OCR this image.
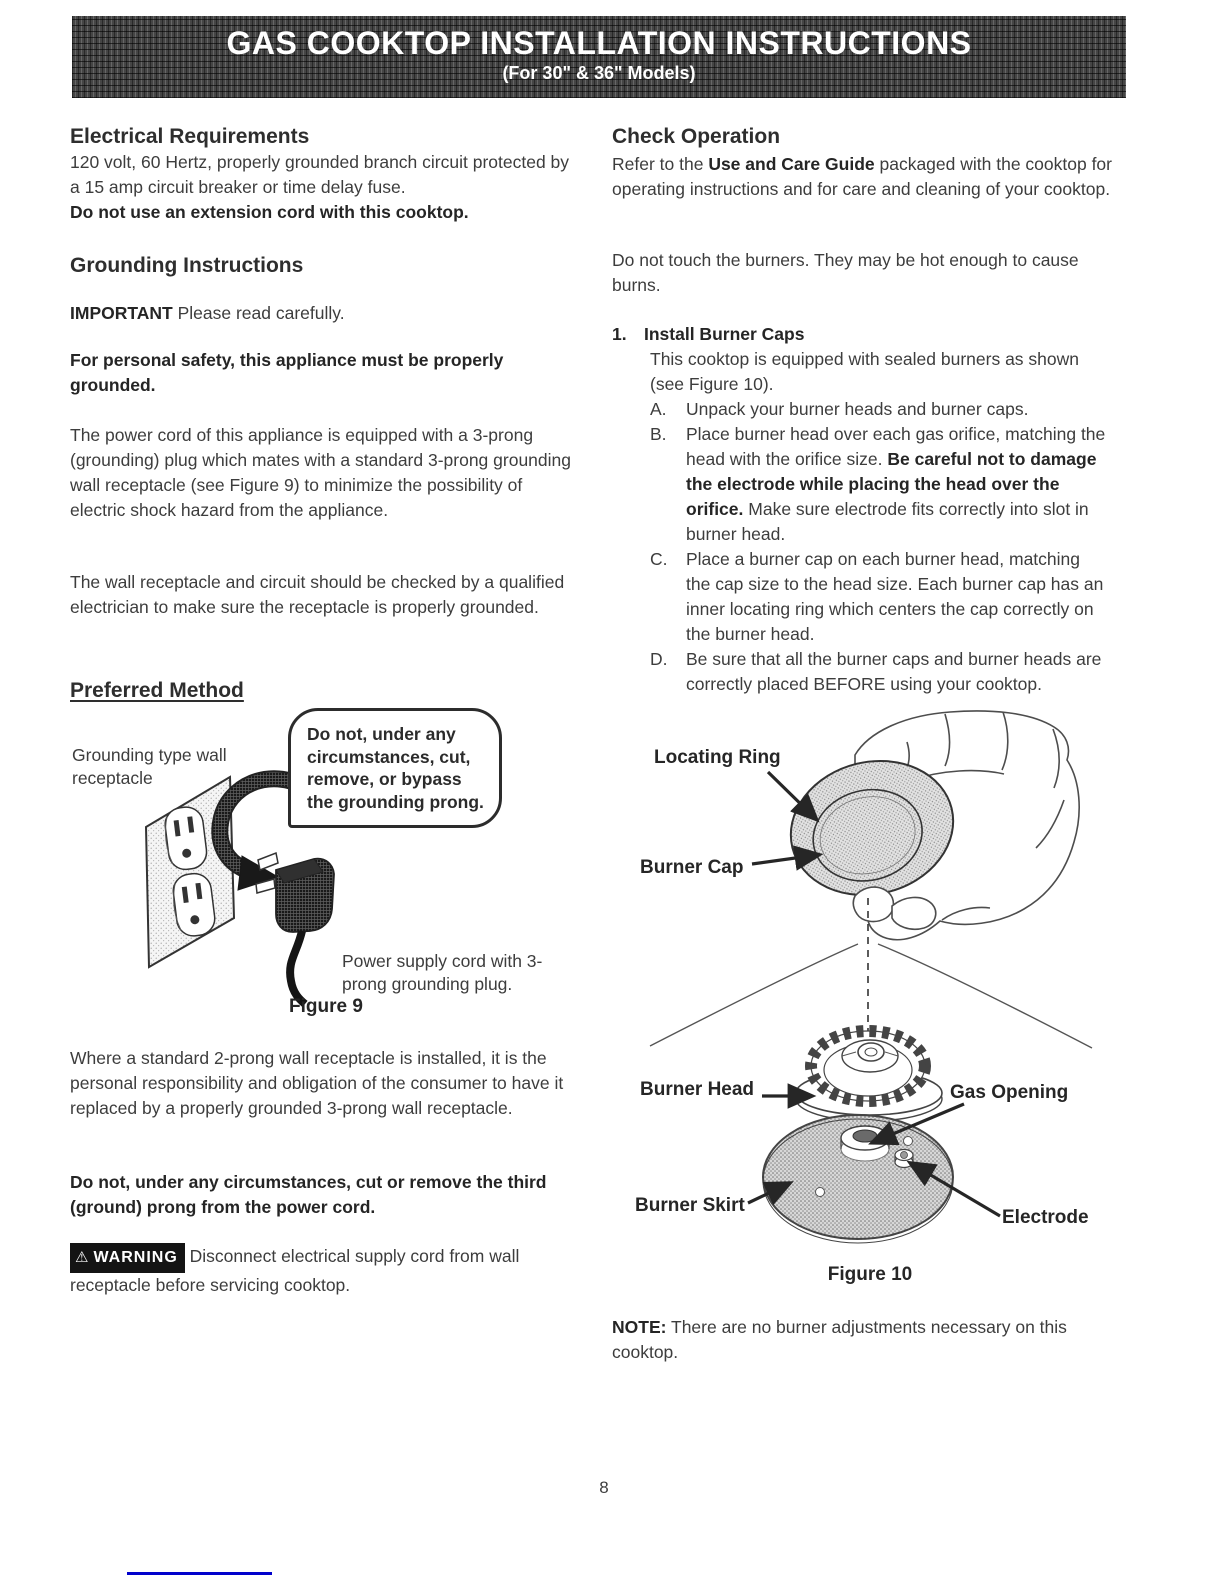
GAS COOKTOP INSTALLATION INSTRUCTIONS
(For 30" & 36" Models)
Electrical Requirements

120 volt, 60 Hertz, properly grounded branch circuit protected by a 15 amp circuit breaker or time delay fuse.
Do not use an extension cord with this cooktop.

Grounding Instructions

IMPORTANT Please read carefully.

For personal safety, this appliance must be properly grounded.

The power cord of this appliance is equipped with a 3-prong (grounding) plug which mates with a standard 3-prong grounding wall receptacle (see Figure 9) to minimize the possibility of electric shock hazard from the appliance.

The wall receptacle and circuit should be checked by a qualified electrician to make sure the receptacle is properly grounded.

Preferred Method
Grounding type wall receptacle
Do not, under any circumstances, cut, remove, or bypass the grounding prong.
Power supply cord with 3-prong grounding plug.
Figure 9

Where a standard 2-prong wall receptacle is installed, it is the personal responsibility and obligation of the consumer to have it replaced by a properly grounded 3-prong wall receptacle.

Do not, under any circumstances, cut or remove the third (ground) prong from the power cord.

⚠ WARNING Disconnect electrical supply cord from wall receptacle before servicing cooktop.

Check Operation

Refer to the Use and Care Guide packaged with the cooktop for operating instructions and for care and cleaning of your cooktop.

Do not touch the burners. They may be hot enough to cause burns.

1. Install Burner Caps

This cooktop is equipped with sealed burners as shown (see Figure 10).

A. Unpack your burner heads and burner caps.
B. Place burner head over each gas orifice, matching the head with the orifice size. Be careful not to damage the electrode while placing the head over the orifice. Make sure electrode fits correctly into slot in burner head.
C. Place a burner cap on each burner head, matching the cap size to the head size. Each burner cap has an inner locating ring which centers the cap correctly on the burner head.
D. Be sure that all the burner caps and burner heads are correctly placed BEFORE using your cooktop.
Locating Ring
Burner Cap
Burner Head	Gas Opening
Burner Skirt
Electrode
Figure 10

NOTE: There are no burner adjustments necessary on this cooktop.

8
